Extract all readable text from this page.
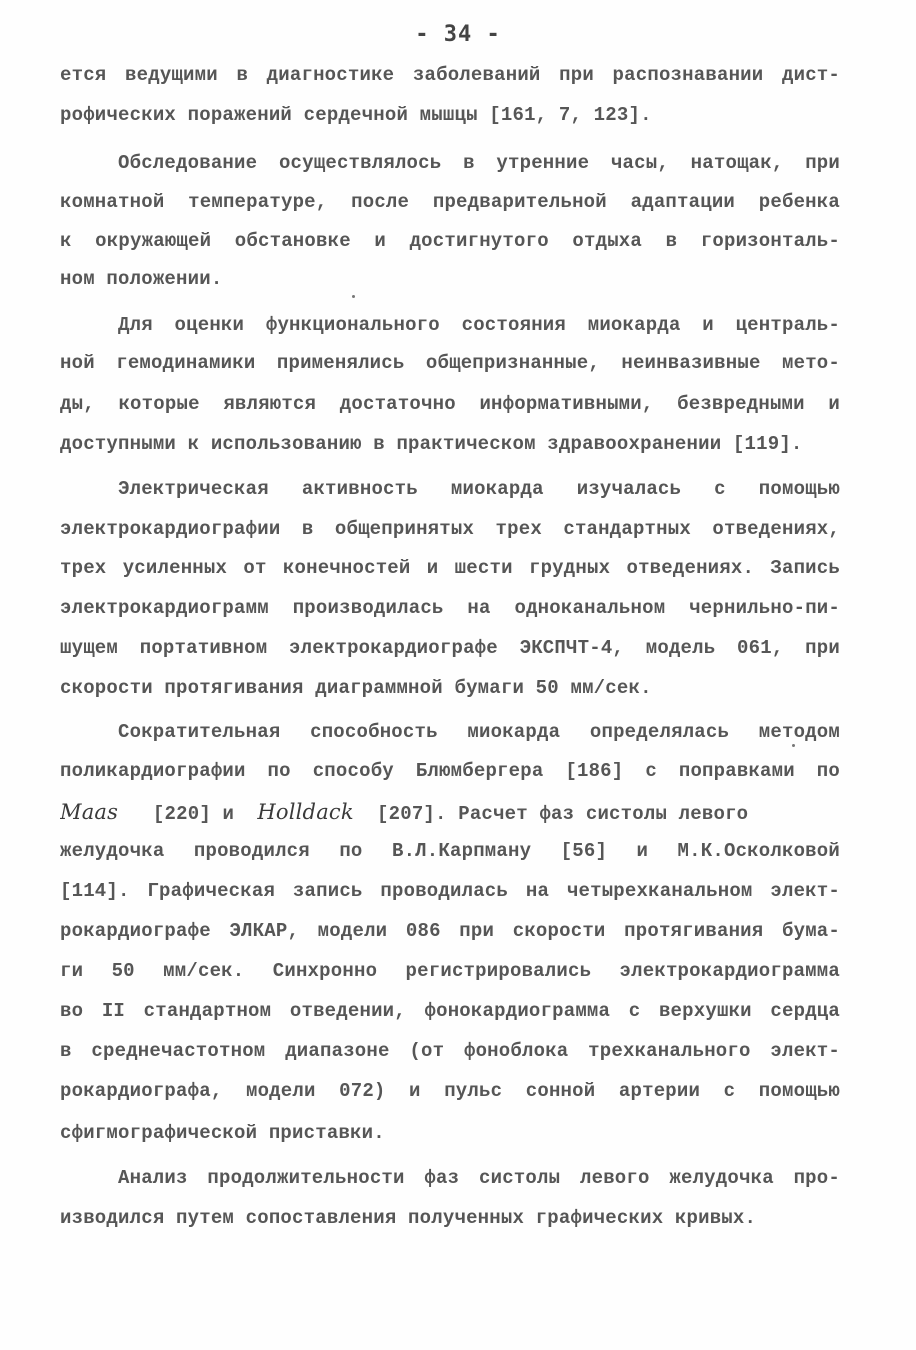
- 34 -
ется ведущими в диагностике заболеваний при распознавании дист-
рофических поражений сердечной мышцы [161, 7, 123].
Обследование осуществлялось в утренние часы, натощак, при
комнатной температуре, после предварительной адаптации ребенка
к окружающей обстановке и достигнутого отдыха в горизонталь-
ном положении.
Для оценки функционального состояния миокарда и централь-
ной гемодинамики применялись общепризнанные, неинвазивные мето-
ды, которые являются достаточно информативными, безвредными и
доступными к использованию в практическом здравоохранении [119].
Электрическая активность миокарда изучалась с помощью
электрокардиографии в общепринятых трех стандартных отведениях,
трех усиленных от конечностей и шести грудных отведениях. Запись
электрокардиограмм производилась на одноканальном чернильно-пи-
шущем портативном электрокардиографе ЭКСПЧТ-4, модель 061, при
скорости протягивания диаграммной бумаги 50 мм/сек.
Сократительная способность миокарда определялась методом
поликардиографии по способу Блюмбергера [186] с поправками по
Maas   [220] и  Holldack  [207]. Расчет фаз систолы левого
желудочка проводился по В.Л.Карпману [56] и М.К.Осколковой
[114]. Графическая запись проводилась на четырехканальном элект-
рокардиографе ЭЛКАР, модели 086 при скорости протягивания бума-
ги 50 мм/сек. Синхронно регистрировались электрокардиограмма
во II стандартном отведении, фонокардиограмма с верхушки сердца
в среднечастотном диапазоне (от фонoблока трехканального элект-
рокардиографа, модели 072) и пульс сонной артерии с помощью
сфигмографической приставки.
Анализ продолжительности фаз систолы левого желудочка про-
изводился путем сопоставления полученных графических кривых.
